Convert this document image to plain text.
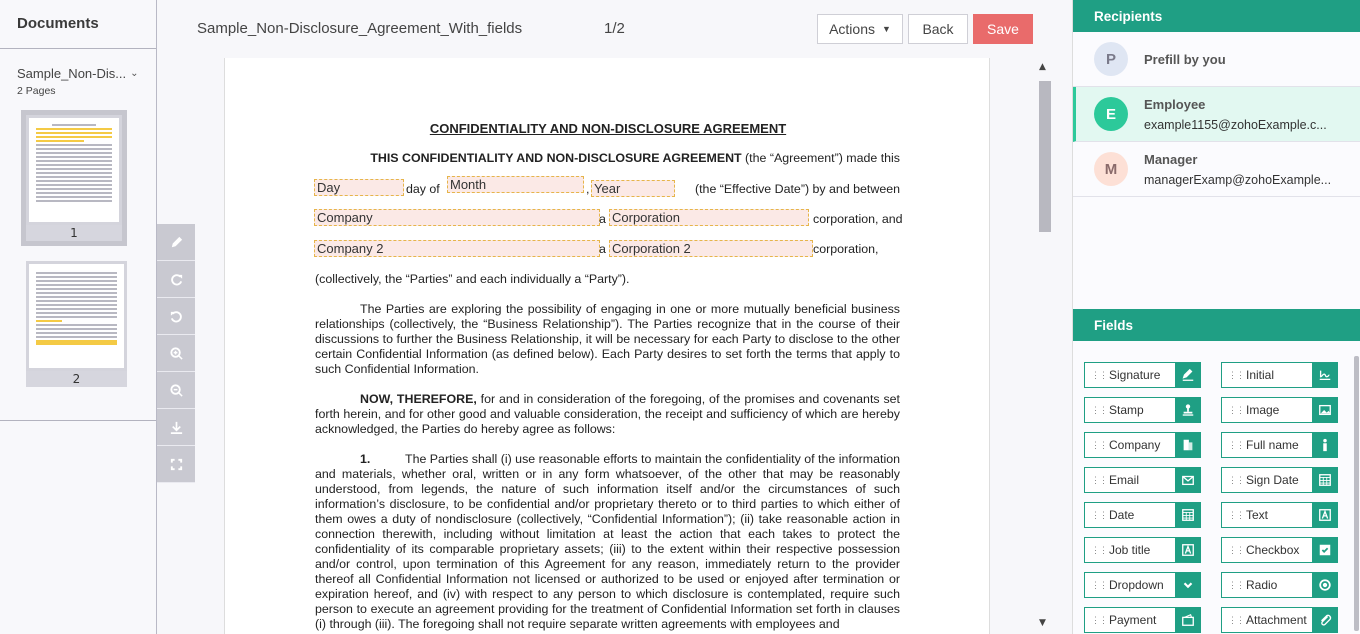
Documents
Sample_Non-Dis... ⌄
2 Pages
1
2
Sample_Non-Disclosure_Agreement_With_fields	1/2	Actions ▼	Back	Save
CONFIDENTIALITY AND NON-DISCLOSURE AGREEMENT
THIS CONFIDENTIALITY AND NON-DISCLOSURE AGREEMENT (the “Agreement”) made this
Day	day of Month	, Year	(the “Effective Date”) by and between
Company	a Corporation	corporation, and
Company 2	a Corporation 2	corporation,
(collectively, the “Parties” and each individually a “Party”).
The Parties are exploring the possibility of engaging in one or more mutually beneficial business relationships (collectively, the “Business Relationship”). The Parties recognize that in the course of their discussions to further the Business Relationship, it will be necessary for each Party to disclose to the other certain Confidential Information (as defined below). Each Party desires to set forth the terms that apply to such Confidential Information.
NOW, THEREFORE, for and in consideration of the foregoing, of the promises and covenants set forth herein, and for other good and valuable consideration, the receipt and sufficiency of which are hereby acknowledged, the Parties do hereby agree as follows:
1.	The Parties shall (i) use reasonable efforts to maintain the confidentiality of the information and materials, whether oral, written or in any form whatsoever, of the other that may be reasonably understood, from legends, the nature of such information itself and/or the circumstances of such information’s disclosure, to be confidential and/or proprietary thereto or to third parties to which either of them owes a duty of nondisclosure (collectively, “Confidential Information”); (ii) take reasonable action in connection therewith, including without limitation at least the action that each takes to protect the confidentiality of its comparable proprietary assets; (iii) to the extent within their respective possession and/or control, upon termination of this Agreement for any reason, immediately return to the provider thereof all Confidential Information not licensed or authorized to be used or enjoyed after termination or expiration hereof, and (iv) with respect to any person to which disclosure is contemplated, require such person to execute an agreement providing for the treatment of Confidential Information set forth in clauses (i) through (iii). The foregoing shall not require separate written agreements with employees and
▲
▼
Recipients
P	Prefill by you
E
Employee
example1155@zohoExample.c...
M
Manager
managerExamp@zohoExample...
Fields
⋮⋮ Signature	⋮⋮ Initial
⋮⋮ Stamp	⋮⋮ Image
⋮⋮ Company	⋮⋮ Full name
⋮⋮ Email	⋮⋮ Sign Date
⋮⋮ Date	⋮⋮ Text
⋮⋮ Job title	⋮⋮ Checkbox
⋮⋮ Dropdown	⋮⋮ Radio
⋮⋮ Payment	⋮⋮ Attachment
